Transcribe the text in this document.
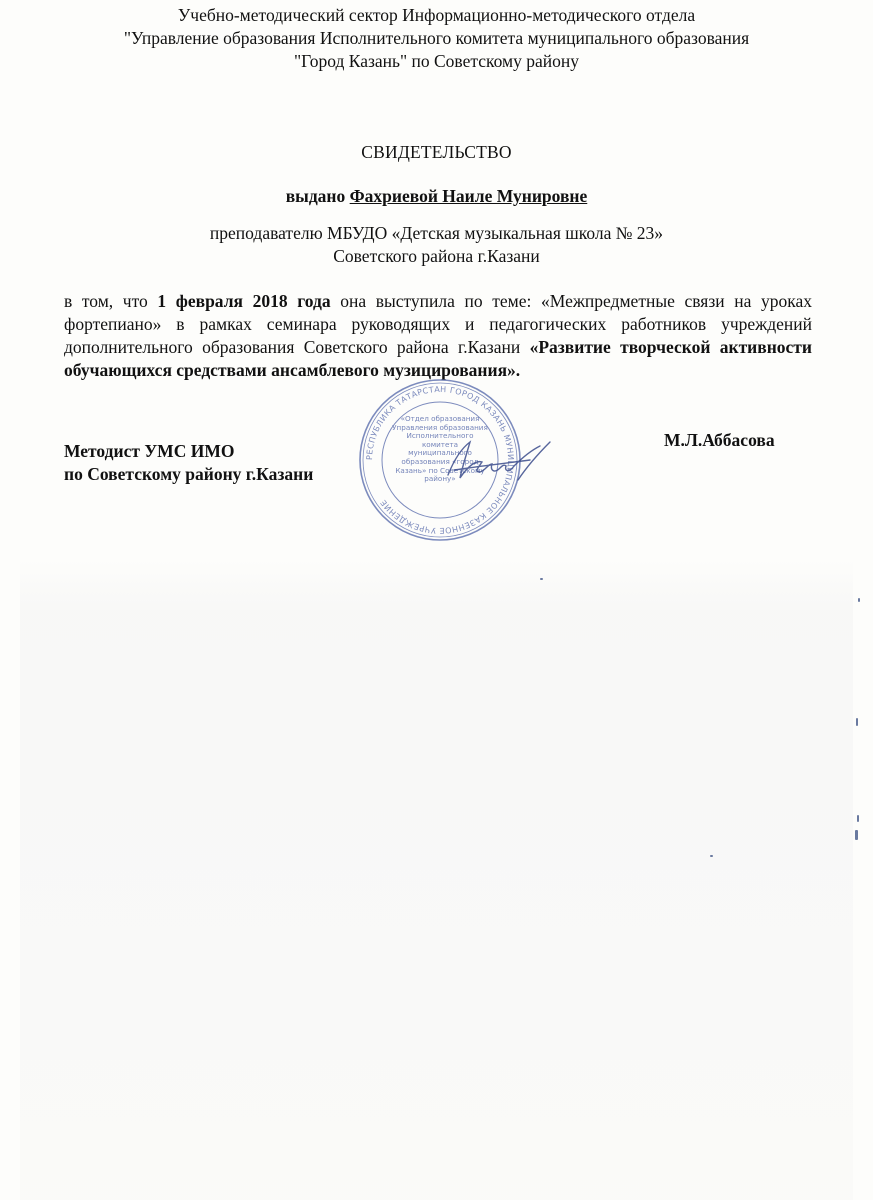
Учебно-методический сектор Информационно-методического отдела
"Управление образования Исполнительного комитета муниципального образования
"Город Казань" по Советскому району
СВИДЕТЕЛЬСТВО
выдано Фахриевой Наиле Мунировне
преподавателю МБУДО «Детская музыкальная школа № 23»
Советского района г.Казани
в том, что 1 февраля 2018 года она выступила по теме: «Межпредметные связи на уроках фортепиано» в рамках семинара руководящих и педагогических работников учреждений дополнительного образования Советского района г.Казани «Развитие творческой активности обучающихся средствами ансамблевого музицирования».
Методист УМС ИМО
по Советскому району г.Казани
М.Л.Аббасова
РЕСПУБЛИКА ТАТАРСТАН ГОРОД КАЗАНЬ МУНИЦИПАЛЬНОЕ КАЗЕННОЕ УЧРЕЖДЕНИЕ
«Отдел образования Управления образования Исполнительного комитета муниципального образования «город Казань» по Советскому району»
